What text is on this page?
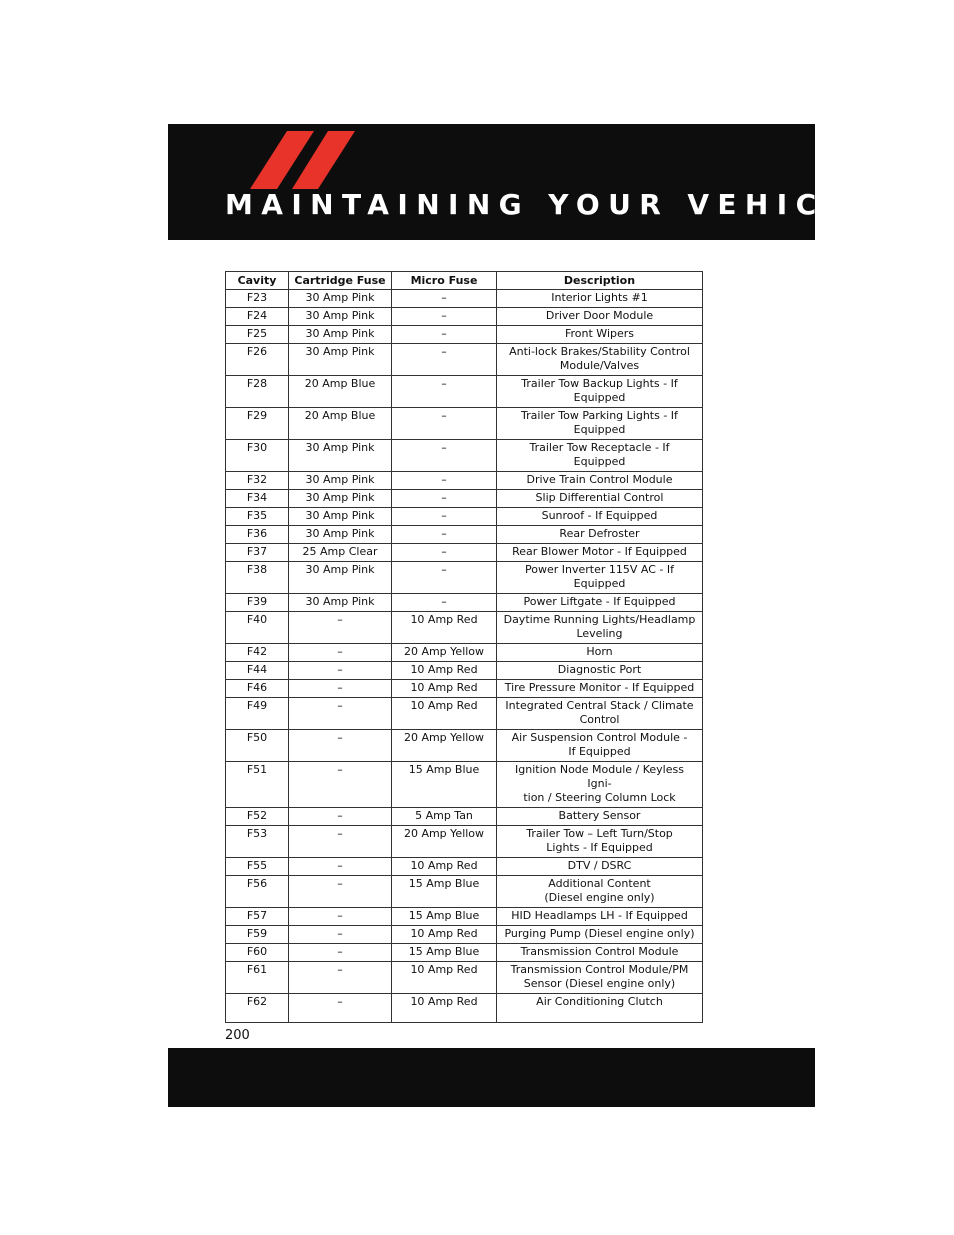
MAINTAINING YOUR VEHICLE
Cavity	Cartridge Fuse	Micro Fuse	Description
F23	30 Amp Pink	–	Interior Lights #1
F24	30 Amp Pink	–	Driver Door Module
F25	30 Amp Pink	–	Front Wipers
F26	30 Amp Pink	–	Anti-lock Brakes/Stability Control
Module/Valves
F28	20 Amp Blue	–	Trailer Tow Backup Lights - If
Equipped
F29	20 Amp Blue	–	Trailer Tow Parking Lights - If
Equipped
F30	30 Amp Pink	–	Trailer Tow Receptacle - If Equipped
F32	30 Amp Pink	–	Drive Train Control Module
F34	30 Amp Pink	–	Slip Differential Control
F35	30 Amp Pink	–	Sunroof - If Equipped
F36	30 Amp Pink	–	Rear Defroster
F37	25 Amp Clear	–	Rear Blower Motor - If Equipped
F38	30 Amp Pink	–	Power Inverter 115V AC - If
Equipped
F39	30 Amp Pink	–	Power Liftgate - If Equipped
F40	–	10 Amp Red	Daytime Running Lights/Headlamp
Leveling
F42	–	20 Amp Yellow	Horn
F44	–	10 Amp Red	Diagnostic Port
F46	–	10 Amp Red	Tire Pressure Monitor - If Equipped
F49	–	10 Amp Red	Integrated Central Stack / Climate
Control
F50	–	20 Amp Yellow	Air Suspension Control Module -
If Equipped
F51	–	15 Amp Blue	Ignition Node Module / Keyless Igni-
tion / Steering Column Lock
F52	–	5 Amp Tan	Battery Sensor
F53	–	20 Amp Yellow	Trailer Tow – Left Turn/Stop
Lights - If Equipped
F55	–	10 Amp Red	DTV / DSRC
F56	–	15 Amp Blue	Additional Content
(Diesel engine only)
F57	–	15 Amp Blue	HID Headlamps LH - If Equipped
F59	–	10 Amp Red	Purging Pump (Diesel engine only)
F60	–	15 Amp Blue	Transmission Control Module
F61	–	10 Amp Red	Transmission Control Module/PM
Sensor (Diesel engine only)
F62	–	10 Amp Red	Air Conditioning Clutch
200
